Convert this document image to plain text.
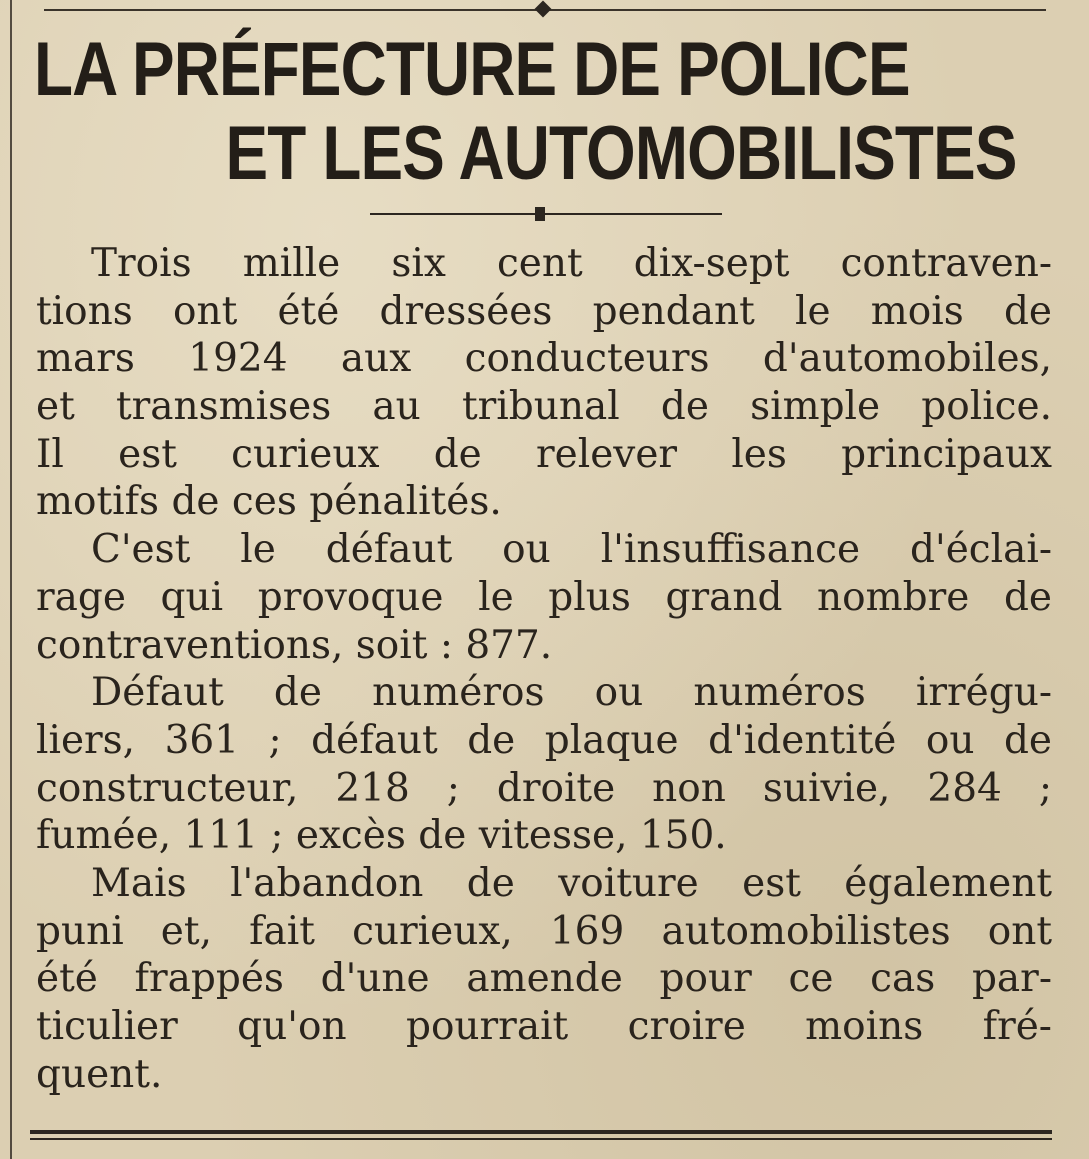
LA PRÉFECTURE DE POLICE
ET LES AUTOMOBILISTES

Trois mille six cent dix-sept contraven-
tions ont été dressées pendant le mois de
mars 1924 aux conducteurs d'automobiles,
et transmises au tribunal de simple police.
Il est curieux de relever les principaux
motifs de ces pénalités.

C'est le défaut ou l'insuffisance d'éclai-
rage qui provoque le plus grand nombre de
contraventions, soit : 877.

Défaut de numéros ou numéros irrégu-
liers, 361 ; défaut de plaque d'identité ou de
constructeur, 218 ; droite non suivie, 284 ;
fumée, 111 ; excès de vitesse, 150.

Mais l'abandon de voiture est également
puni et, fait curieux, 169 automobilistes ont
été frappés d'une amende pour ce cas par-
ticulier qu'on pourrait croire moins fré-
quent.
